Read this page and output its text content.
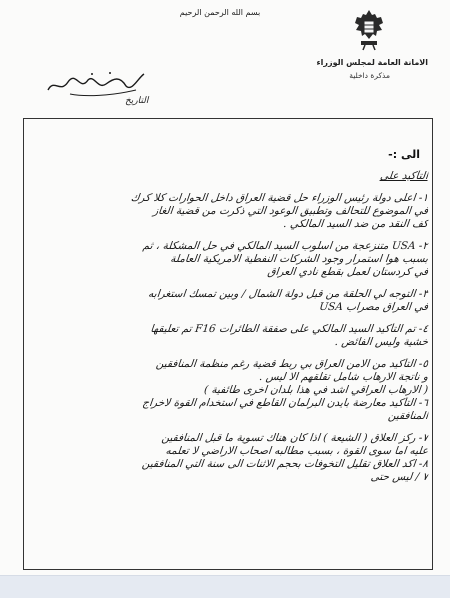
بسم الله الرحمن الرحيم
الامانة العامة لمجلس الوزراء
مذكرة داخلية
التاريخ
الى :-
التأكيد على
١- اعلى دولة رئيس الوزراء حل قضية العراق داخل الحوارات كلا كرك
في الموضوع للتحالف وتطبيق الوعود التي ذكرت من قضية الغاز
كف النقد من ضد السيد المالكي .
٢- USA متنزعجة من اسلوب السيد المالكي في حل المشكلة ، ثم
بسبب هوا استمرار وجود الشركات النفطية الامريكية العاملة
في كردستان لعمل بقطع نادي العراق
٣- التوجه لي الحلقة من قبل دولة الشمال / وبين تمسك استغرابه
في العراق مصراب USA
٤- تم التأكيد السيد المالكي على صفقة الطائرات F16 تم تعليقها
خشية وليس الفائض .
٥- التأكيد من الامن العراق بي ربط قضية رغم منظمة المنافقين
و ناتجة الارهاب شامل تقلقهم الا ليس .
( الارهاب العراقي اشد في هذا بلدان اخرى طائفية )
٦- التأكيد معارضة بايدن البرلمان القاطع في استخدام القوة لاخراج
المنافقين
٧- ركز العلاق ( الشيعة ) اذا كان هناك تسوية ما قبل المنافقين
عليه اما سوى القوة ، بسبب مطالبه اصحاب الاراضي لا تعلمه
٨- اكد العلاق تقليل التخوفات بحجم الاثنات الى سنة التي المنافقين
٧ / ليس حتى
